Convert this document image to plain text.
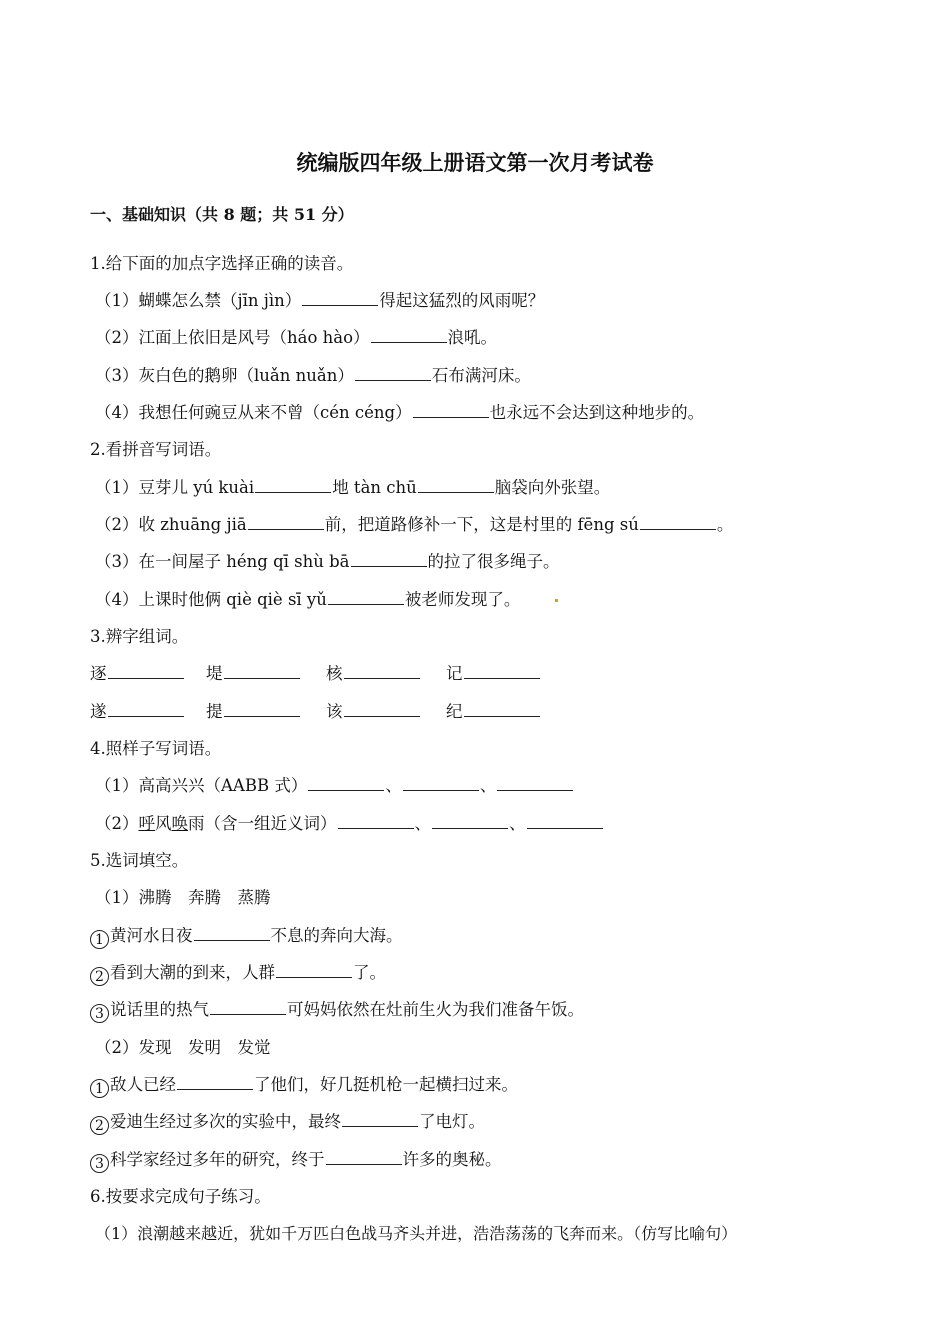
统编版四年级上册语文第一次月考试卷
一、基础知识（共 8 题；共 51 分）
1.给下面的加点字选择正确的读音。
（1）蝴蝶怎么禁（jīn jìn）	得起这猛烈的风雨呢？
（2）江面上依旧是风号（háo hào）	浪吼。
（3）灰白色的鹅卵（luǎn nuǎn）	石布满河床。
（4）我想任何豌豆从来不曾（cén céng）	也永远不会达到这种地步的。
2.看拼音写词语。
（1）豆芽儿 yú kuài	地 tàn chū	脑袋向外张望。
（2）收 zhuāng jiā	前，把道路修补一下，这是村里的 fēng sú	。
（3）在一间屋子 héng qī shù bā	的拉了很多绳子。
（4）上课时他俩 qiè qiè sī yǔ	被老师发现了。
3.辨字组词。
逐	堤	核	记
遂	提	该	纪
4.照样子写词语。
（1）高高兴兴（AABB 式）	、	、
（2）呼风唤雨（含一组近义词）	、	、
5.选词填空。
（1）沸腾　奔腾　蒸腾
1 黄河水日夜	不息的奔向大海。
2 看到大潮的到来，人群	了。
3 说话里的热气	可妈妈依然在灶前生火为我们准备午饭。
（2）发现　发明　发觉
1 敌人已经	了他们，好几挺机枪一起横扫过来。
2 爱迪生经过多次的实验中，最终	了电灯。
3 科学家经过多年的研究，终于	许多的奥秘。
6.按要求完成句子练习。
（1）浪潮越来越近，犹如千万匹白色战马齐头并进，浩浩荡荡的飞奔而来。（仿写比喻句）
